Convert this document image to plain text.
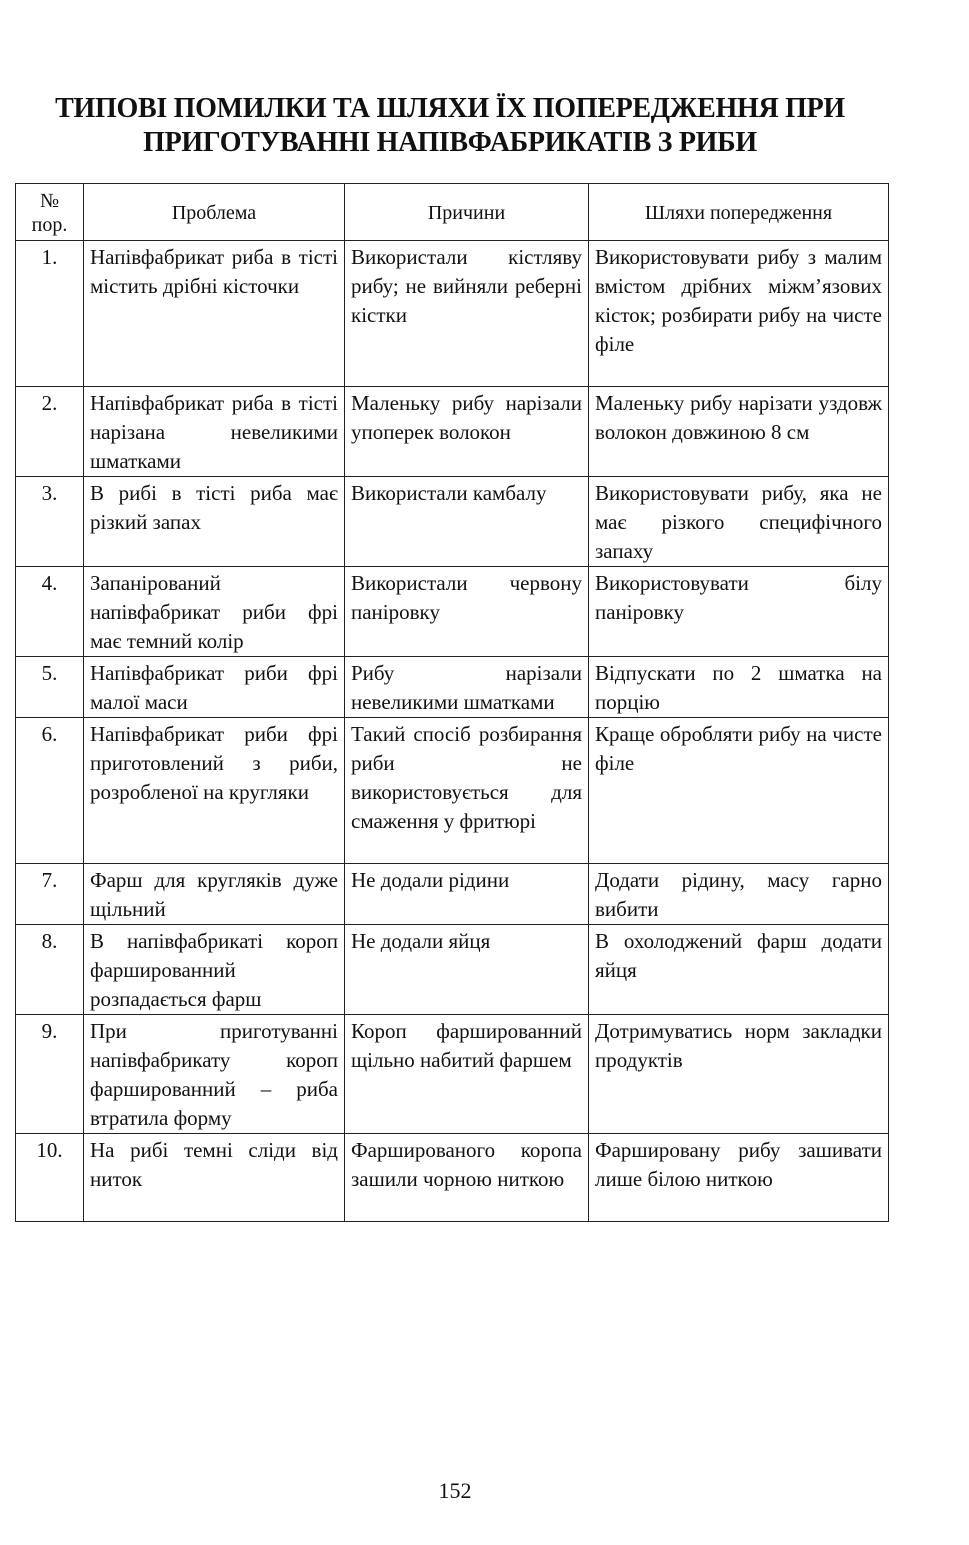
ТИПОВІ ПОМИЛКИ ТА ШЛЯХИ ЇХ ПОПЕРЕДЖЕННЯ ПРИ
ПРИГОТУВАННІ НАПІВФАБРИКАТІВ З РИБИ
№ пор.	Проблема	Причини	Шляхи попередження
1.	Напівфабрикат риба в тісті містить дрібні кісточки	Використали кістляву рибу; не вийняли реберні кістки	Використовувати рибу з малим вмістом дрібних міжм’язових кісток; розбирати рибу на чисте філе
2.	Напівфабрикат риба в тісті нарізана невеликими шматками	Маленьку рибу нарізали упоперек волокон	Маленьку рибу нарізати уздовж волокон довжиною 8 см
3.	В рибі в тісті риба має різкий запах	Використали камбалу	Використовувати рибу, яка не має різкого специфічного запаху
4.	Запанірований напівфабрикат риби фрі має темний колір	Використали червону паніровку	Використовувати білу паніровку
5.	Напівфабрикат риби фрі малої маси	Рибу нарізали невеликими шматками	Відпускати по 2 шматка на порцію
6.	Напівфабрикат риби фрі приготовлений з риби, розробленої на кругляки	Такий спосіб розбирання риби не використовується для смаження у фритюрі	Краще обробляти рибу на чисте філе
7.	Фарш для кругляків дуже щільний	Не додали рідини	Додати рідину, масу гарно вибити
8.	В напівфабрикаті короп фаршированний розпадається фарш	Не додали яйця	В охолоджений фарш додати яйця
9.	При приготуванні напівфабрикату короп фаршированний – риба втратила форму	Короп фаршированний щільно набитий фаршем	Дотримуватись норм закладки продуктів
10.	На рибі темні сліди від ниток	Фаршированого коропа зашили чорною ниткою	Фаршировану рибу зашивати лише білою ниткою
152
